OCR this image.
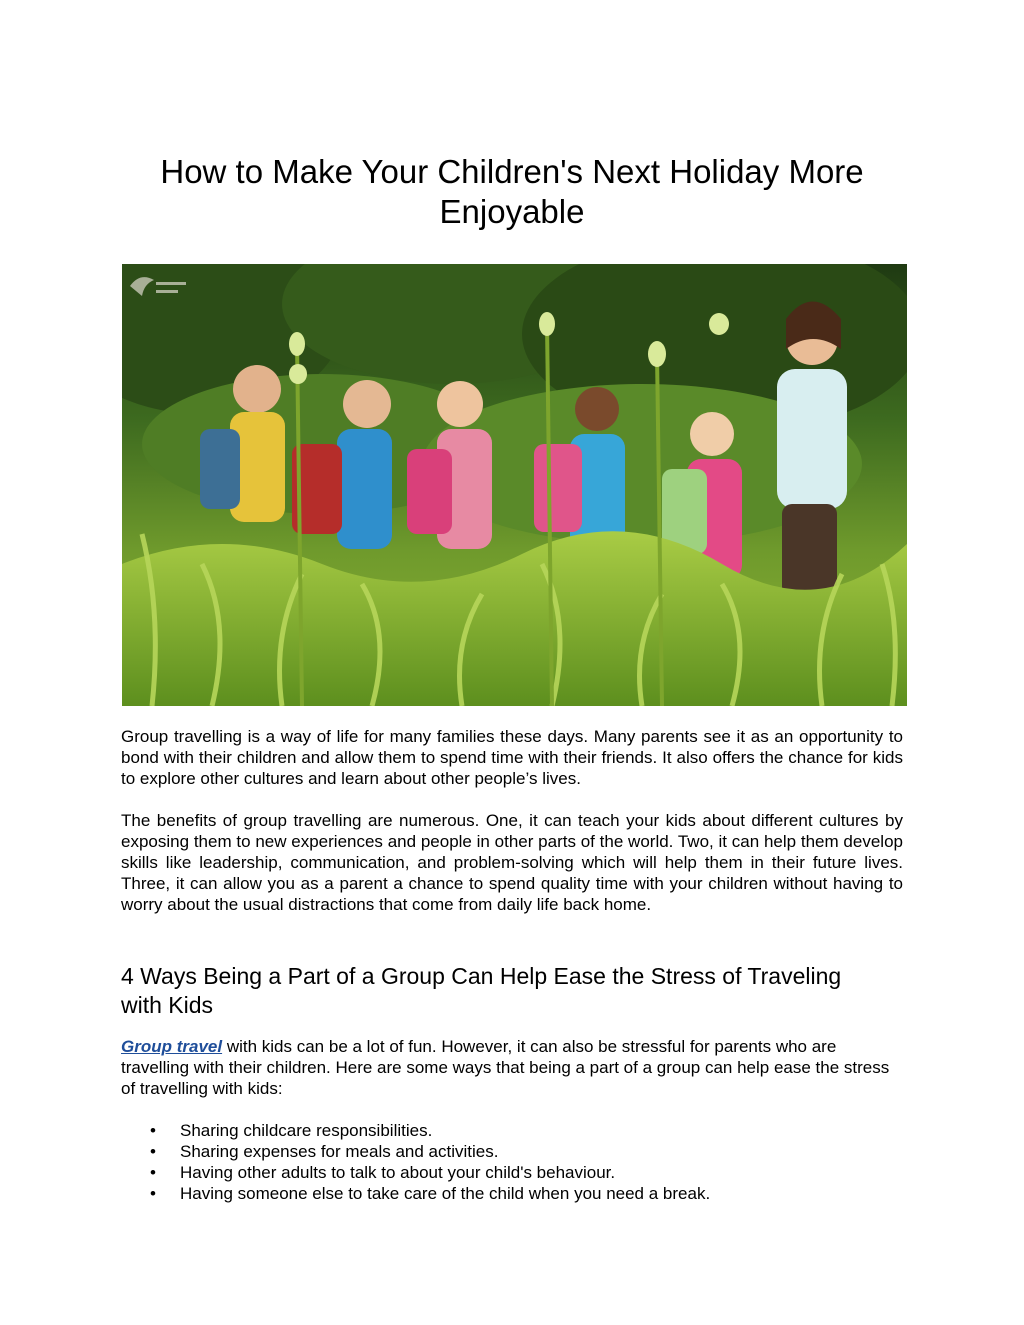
How to Make Your Children's Next Holiday More
Enjoyable

Group travelling is a way of life for many families these days. Many parents see it as an opportunity to bond with their children and allow them to spend time with their friends. It also offers the chance for kids to explore other cultures and learn about other people’s lives.

The benefits of group travelling are numerous. One, it can teach your kids about different cultures by exposing them to new experiences and people in other parts of the world. Two, it can help them develop skills like leadership, communication, and problem-solving which will help them in their future lives. Three, it can allow you as a parent a chance to spend quality time with your children without having to worry about the usual distractions that come from daily life back home.

4 Ways Being a Part of a Group Can Help Ease the Stress of Traveling
with Kids

Group travel with kids can be a lot of fun. However, it can also be stressful for parents who are travelling with their children. Here are some ways that being a part of a group can help ease the stress of travelling with kids:

• Sharing childcare responsibilities.
• Sharing expenses for meals and activities.
• Having other adults to talk to about your child's behaviour.
• Having someone else to take care of the child when you need a break.
